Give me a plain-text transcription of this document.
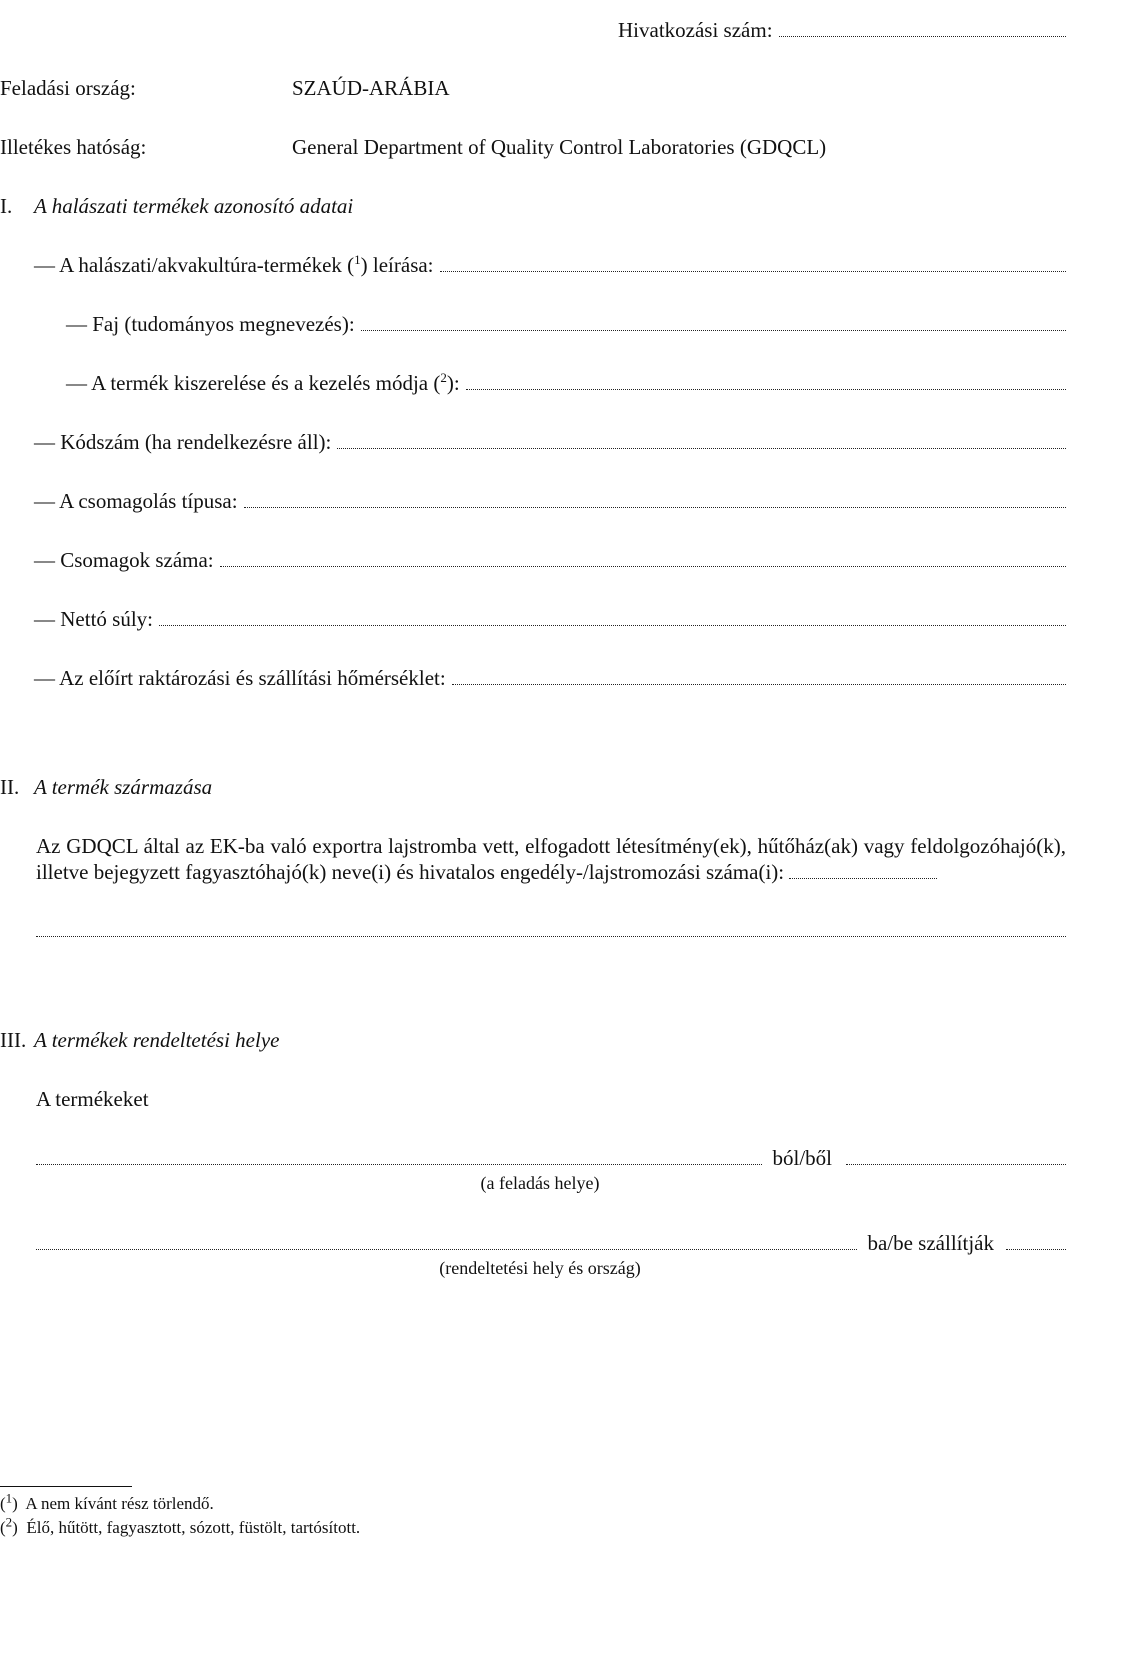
Hivatkozási szám:
Feladási ország:	SZAÚD-ARÁBIA
Illetékes hatóság:	General Department of Quality Control Laboratories (GDQCL)
I.	A halászati termékek azonosító adatai
— A halászati/akvakultúra-termékek ($^1$) leírása:
— Faj (tudományos megnevezés):
— A termék kiszerelése és a kezelés módja ($^2$):
— Kódszám (ha rendelkezésre áll):
— A csomagolás típusa:
— Csomagok száma:
— Nettó súly:
— Az előírt raktározási és szállítási hőmérséklet:
II. A termék származása
Az GDQCL által az EK-ba való exportra lajstromba vett, elfogadott létesítmény(ek), hűtőház(ak) vagy feldolgozóhajó(k), illetve bejegyzett fagyasztóhajó(k) neve(i) és hivatalos engedély-/lajstromozási száma(i):
III. A termékek rendeltetési helye
A termékeket
ból/ből
(a feladás helye)
ba/be szállítják
(rendeltetési hely és ország)
($^1$)  A nem kívánt rész törlendő.
($^2$)  Élő, hűtött, fagyasztott, sózott, füstölt, tartósított.
